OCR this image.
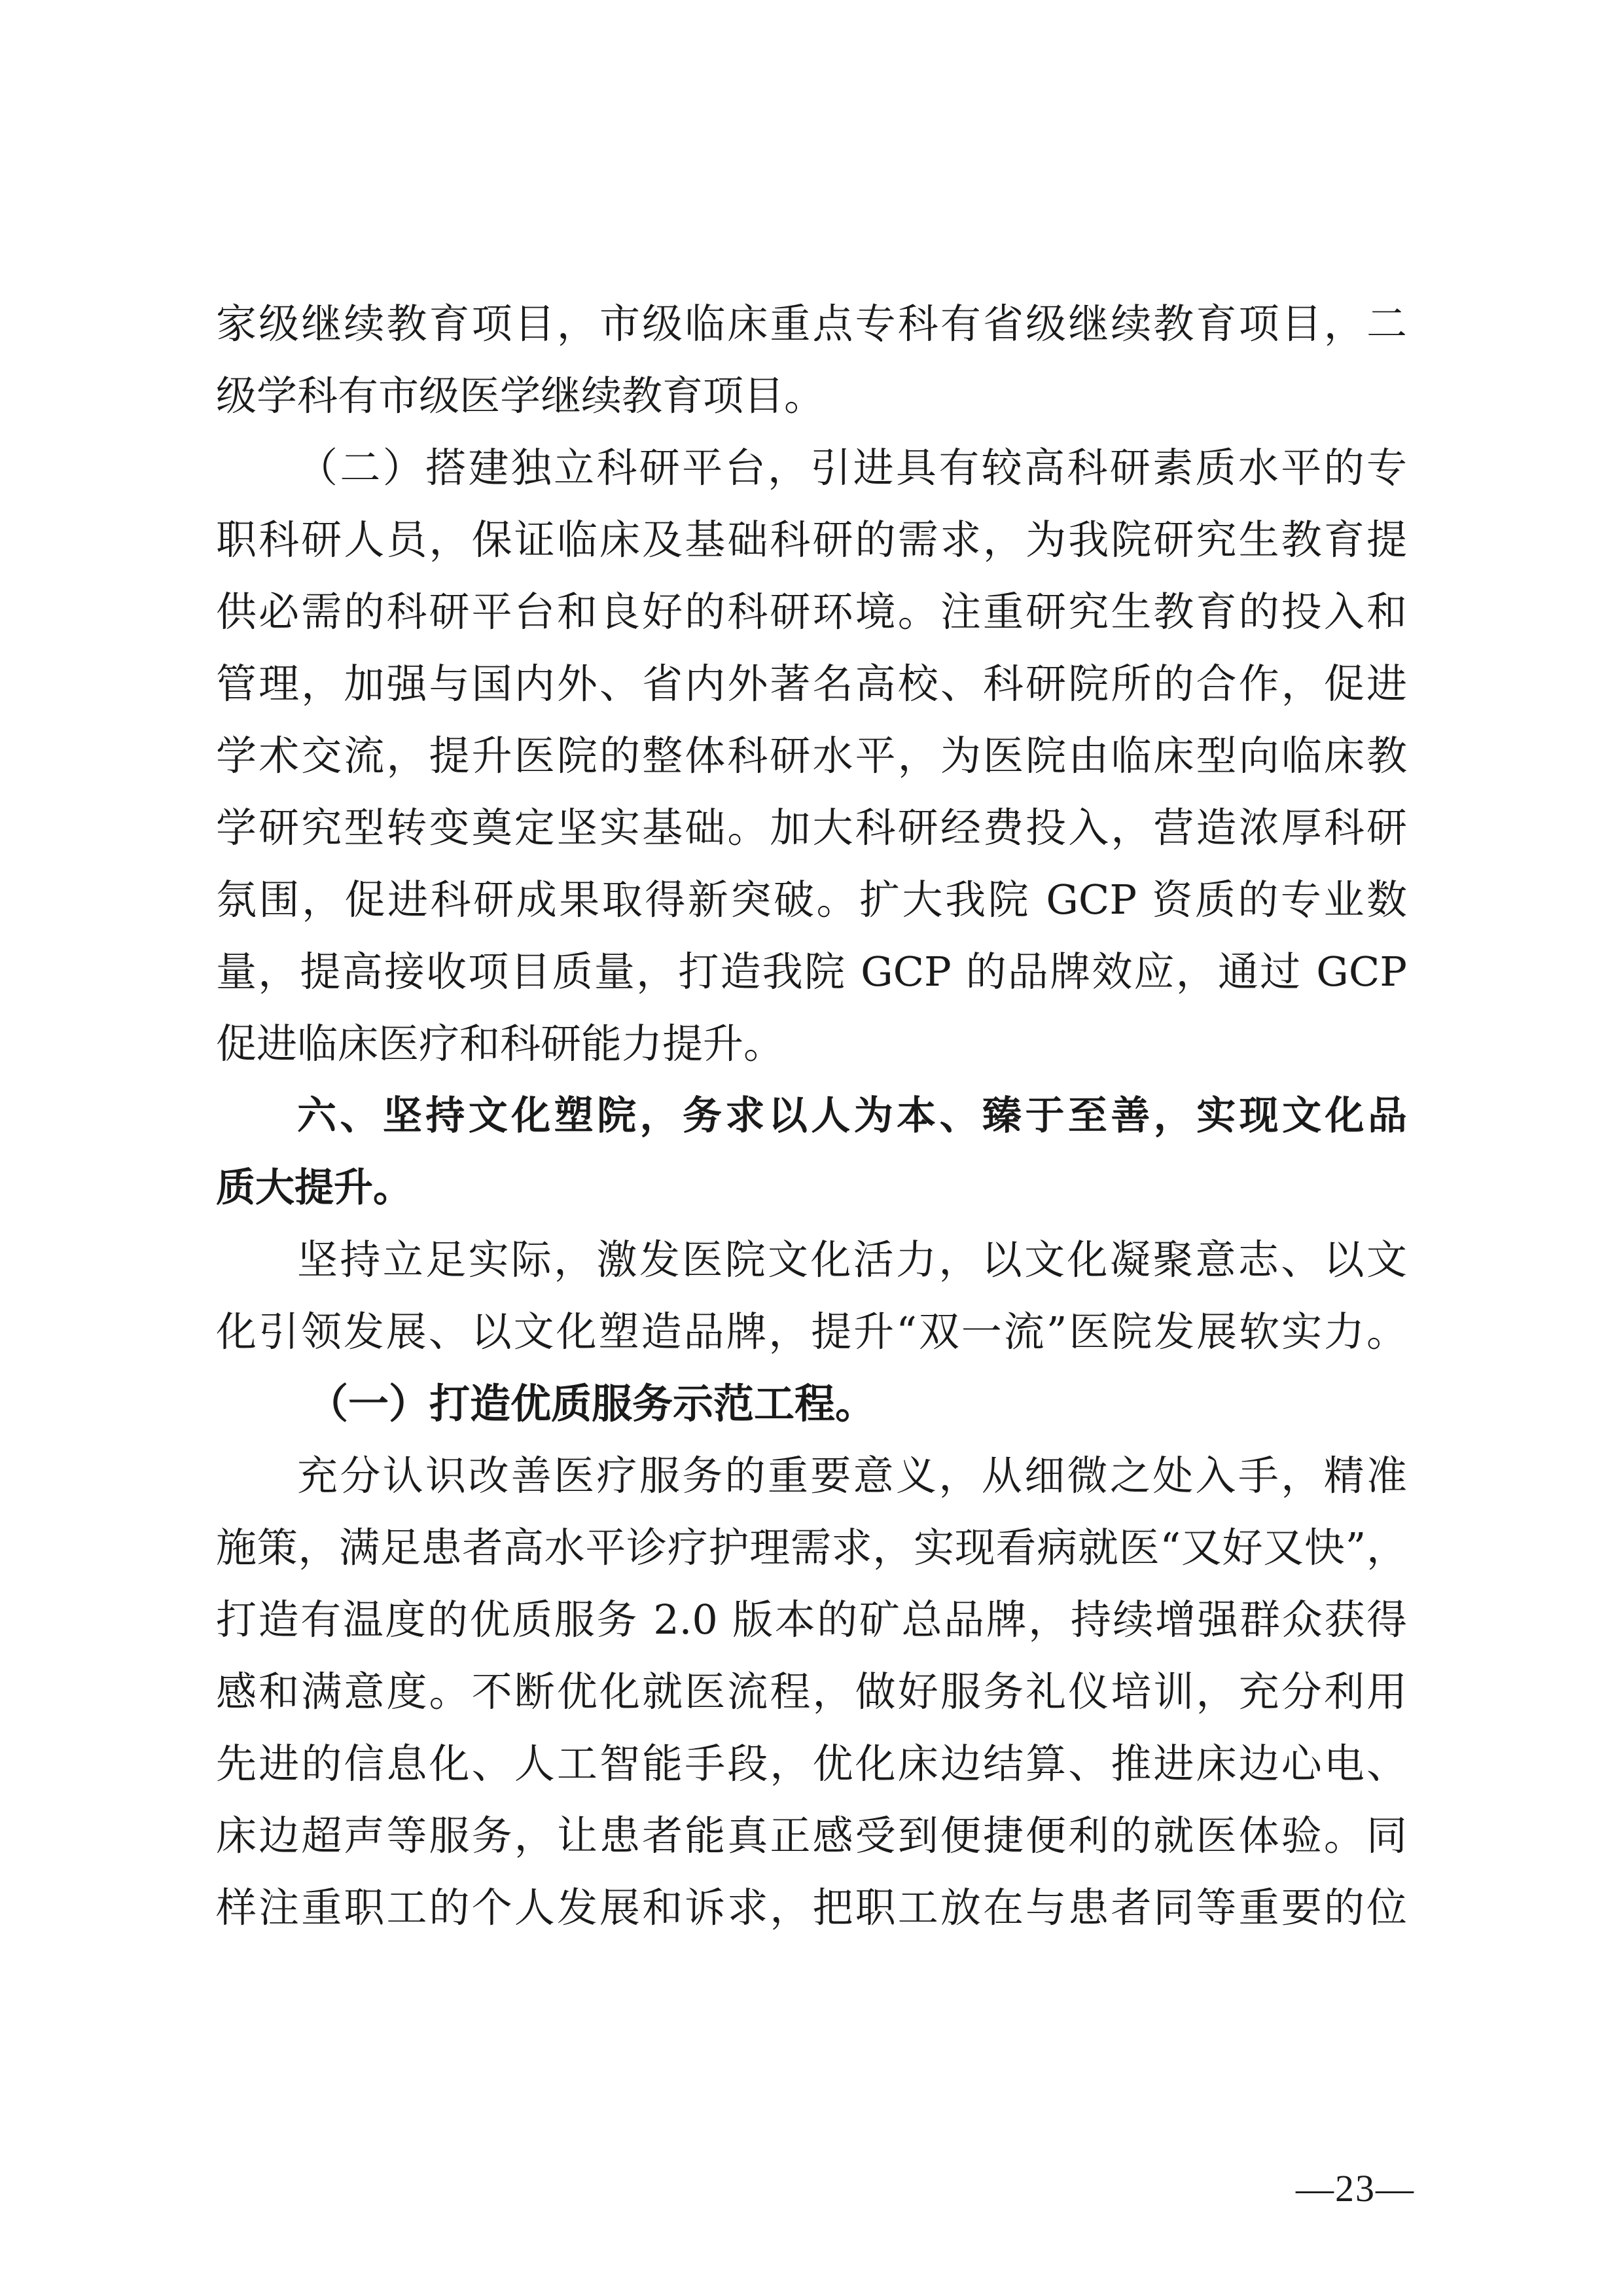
家级继续教育项目，市级临床重点专科有省级继续教育项目，二
级学科有市级医学继续教育项目。
（二）搭建独立科研平台，引进具有较高科研素质水平的专
职科研人员，保证临床及基础科研的需求，为我院研究生教育提
供必需的科研平台和良好的科研环境。注重研究生教育的投入和
管理，加强与国内外、省内外著名高校、科研院所的合作，促进
学术交流，提升医院的整体科研水平，为医院由临床型向临床教
学研究型转变奠定坚实基础。加大科研经费投入，营造浓厚科研
氛围，促进科研成果取得新突破。扩大我院 GCP 资质的专业数
量，提高接收项目质量，打造我院 GCP 的品牌效应，通过 GCP
促进临床医疗和科研能力提升。
六、坚持文化塑院，务求以人为本、臻于至善，实现文化品
质大提升。
坚持立足实际，激发医院文化活力，以文化凝聚意志、以文
化引领发展、以文化塑造品牌，提升“双一流”医院发展软实力。
（一）打造优质服务示范工程。
充分认识改善医疗服务的重要意义，从细微之处入手，精准
施策，满足患者高水平诊疗护理需求，实现看病就医“又好又快”，
打造有温度的优质服务 2.0 版本的矿总品牌，持续增强群众获得
感和满意度。不断优化就医流程，做好服务礼仪培训，充分利用
先进的信息化、人工智能手段，优化床边结算、推进床边心电、
床边超声等服务，让患者能真正感受到便捷便利的就医体验。同
样注重职工的个人发展和诉求，把职工放在与患者同等重要的位
—23—
